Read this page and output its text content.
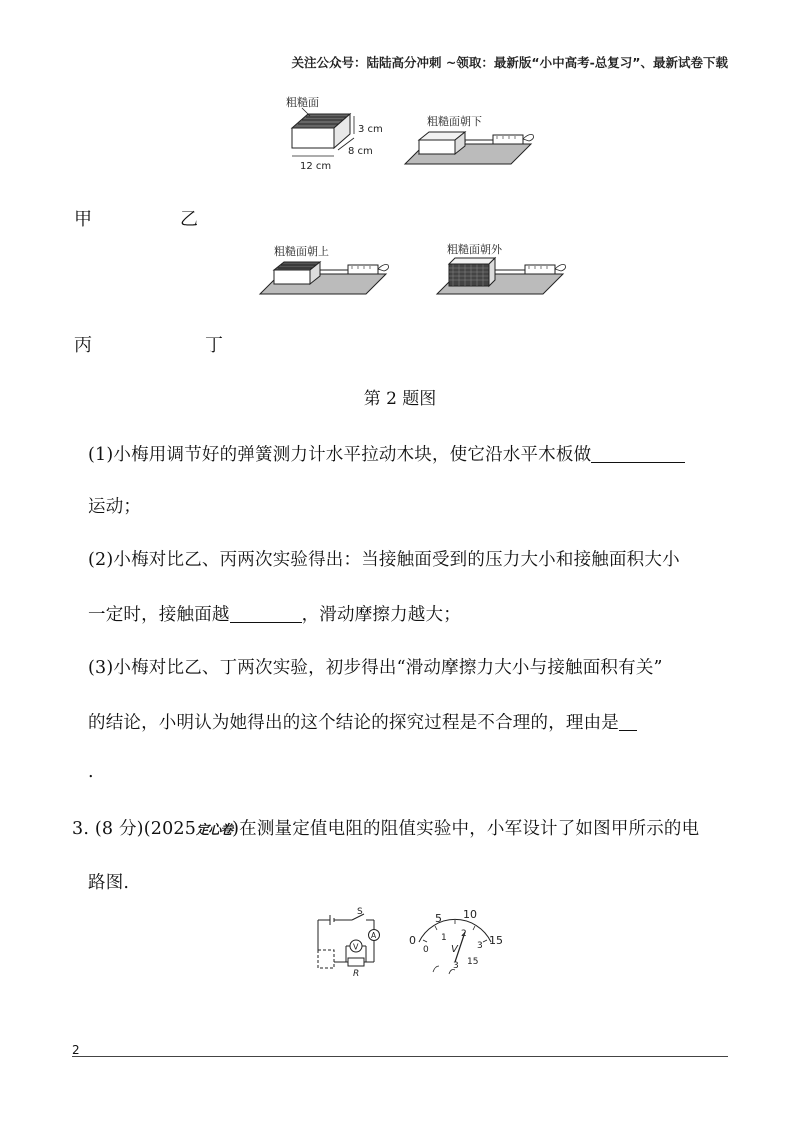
关注公众号：陆陆高分冲刺 ~领取：最新版“小中高考-总复习”、最新试卷下载
粗糙面
3 cm
8 cm
12 cm
粗糙面朝下
甲	乙
粗糙面朝上	粗糙面朝外
丙	丁
第 2 题图
(1)小梅用调节好的弹簧测力计水平拉动木块，使它沿水平木板做
运动；
(2)小梅对比乙、丙两次实验得出：当接触面受到的压力大小和接触面积大小
一定时，接触面越	，滑动摩擦力越大；
(3)小梅对比乙、丁两次实验，初步得出“滑动摩擦力大小与接触面积有关”
的结论，小明认为她得出的这个结论的探究过程是不合理的，理由是
.
3. (8 分)(2025定心卷)在测量定值电阻的阻值实验中，小军设计了如图甲所示的电
路图.
V
A
S
R
0
5 10
15
0
1 2
3
V
3 15
2
